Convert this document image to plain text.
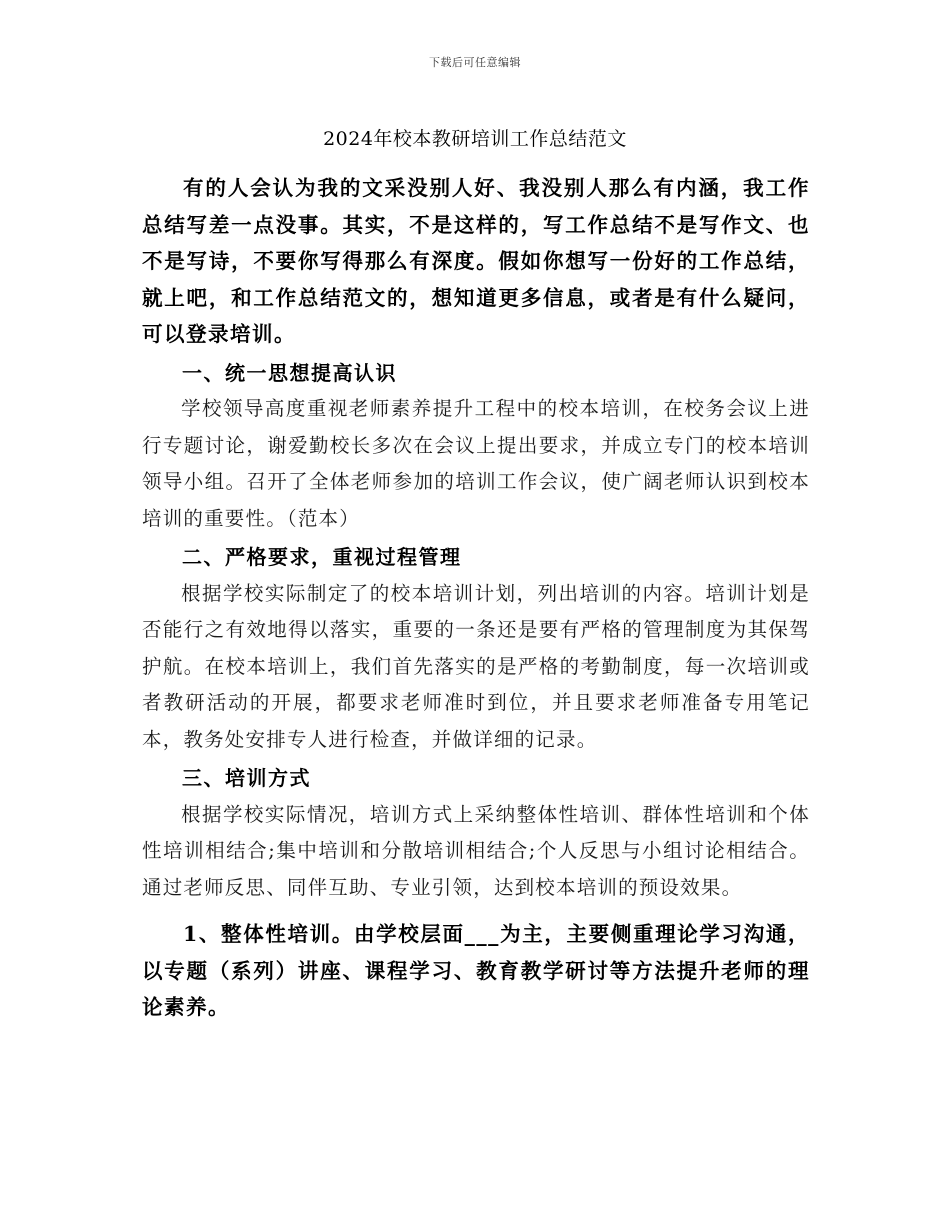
下载后可任意编辑
2024年校本教研培训工作总结范文

有的人会认为我的文采没别人好、我没别人那么有内涵，我工作总结写差一点没事。其实，不是这样的，写工作总结不是写作文、也不是写诗，不要你写得那么有深度。假如你想写一份好的工作总结，就上吧，和工作总结范文的，想知道更多信息，或者是有什么疑问，可以登录培训。

一、统一思想提高认识

学校领导高度重视老师素养提升工程中的校本培训，在校务会议上进行专题讨论，谢爱勤校长多次在会议上提出要求，并成立专门的校本培训领导小组。召开了全体老师参加的培训工作会议，使广阔老师认识到校本培训的重要性。（范本）

二、严格要求，重视过程管理

根据学校实际制定了的校本培训计划，列出培训的内容。培训计划是否能行之有效地得以落实，重要的一条还是要有严格的管理制度为其保驾护航。在校本培训上，我们首先落实的是严格的考勤制度，每一次培训或者教研活动的开展，都要求老师准时到位，并且要求老师准备专用笔记本，教务处安排专人进行检查，并做详细的记录。

三、培训方式

根据学校实际情况，培训方式上采纳整体性培训、群体性培训和个体性培训相结合;集中培训和分散培训相结合;个人反思与小组讨论相结合。通过老师反思、同伴互助、专业引领，达到校本培训的预设效果。

1、整体性培训。由学校层面___为主，主要侧重理论学习沟通，以专题（系列）讲座、课程学习、教育教学研讨等方法提升老师的理论素养。
